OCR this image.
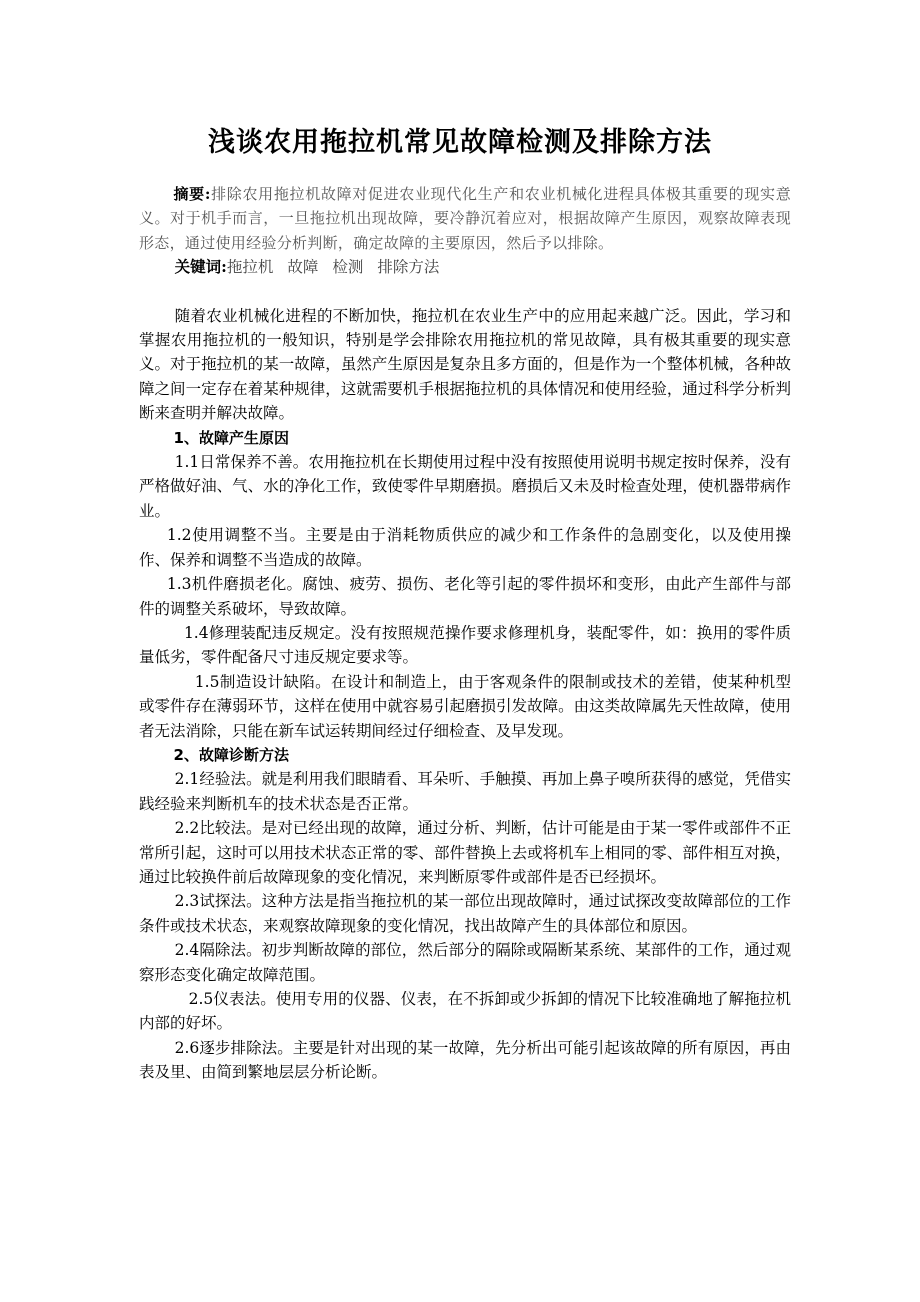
浅谈农用拖拉机常见故障检测及排除方法

摘要:排除农用拖拉机故障对促进农业现代化生产和农业机械化进程具体极其重要的现实意义。对于机手而言，一旦拖拉机出现故障，要冷静沉着应对，根据故障产生原因，观察故障表现形态，通过使用经验分析判断，确定故障的主要原因，然后予以排除。

关键词:拖拉机 故障 检测 排除方法

随着农业机械化进程的不断加快，拖拉机在农业生产中的应用起来越广泛。因此，学习和掌握农用拖拉机的一般知识，特别是学会排除农用拖拉机的常见故障，具有极其重要的现实意义。对于拖拉机的某一故障，虽然产生原因是复杂且多方面的，但是作为一个整体机械，各种故障之间一定存在着某种规律，这就需要机手根据拖拉机的具体情况和使用经验，通过科学分析判断来查明并解决故障。

1、故障产生原因

1.1日常保养不善。农用拖拉机在长期使用过程中没有按照使用说明书规定按时保养，没有严格做好油、气、水的净化工作，致使零件早期磨损。磨损后又未及时检查处理，使机器带病作业。

1.2使用调整不当。主要是由于消耗物质供应的减少和工作条件的急剧变化，以及使用操作、保养和调整不当造成的故障。

1.3机件磨损老化。腐蚀、疲劳、损伤、老化等引起的零件损坏和变形，由此产生部件与部件的调整关系破坏，导致故障。

1.4修理装配违反规定。没有按照规范操作要求修理机身，装配零件，如：换用的零件质量低劣，零件配备尺寸违反规定要求等。

1.5制造设计缺陷。在设计和制造上，由于客观条件的限制或技术的差错，使某种机型或零件存在薄弱环节，这样在使用中就容易引起磨损引发故障。由这类故障属先天性故障，使用者无法消除，只能在新车试运转期间经过仔细检查、及早发现。

2、故障诊断方法

2.1经验法。就是利用我们眼睛看、耳朵听、手触摸、再加上鼻子嗅所获得的感觉，凭借实践经验来判断机车的技术状态是否正常。

2.2比较法。是对已经出现的故障，通过分析、判断，估计可能是由于某一零件或部件不正常所引起，这时可以用技术状态正常的零、部件替换上去或将机车上相同的零、部件相互对换，通过比较换件前后故障现象的变化情况，来判断原零件或部件是否已经损坏。

2.3试探法。这种方法是指当拖拉机的某一部位出现故障时，通过试探改变故障部位的工作条件或技术状态，来观察故障现象的变化情况，找出故障产生的具体部位和原因。

2.4隔除法。初步判断故障的部位，然后部分的隔除或隔断某系统、某部件的工作，通过观察形态变化确定故障范围。

2.5仪表法。使用专用的仪器、仪表，在不拆卸或少拆卸的情况下比较准确地了解拖拉机内部的好坏。

2.6逐步排除法。主要是针对出现的某一故障，先分析出可能引起该故障的所有原因，再由表及里、由简到繁地层层分析论断。
